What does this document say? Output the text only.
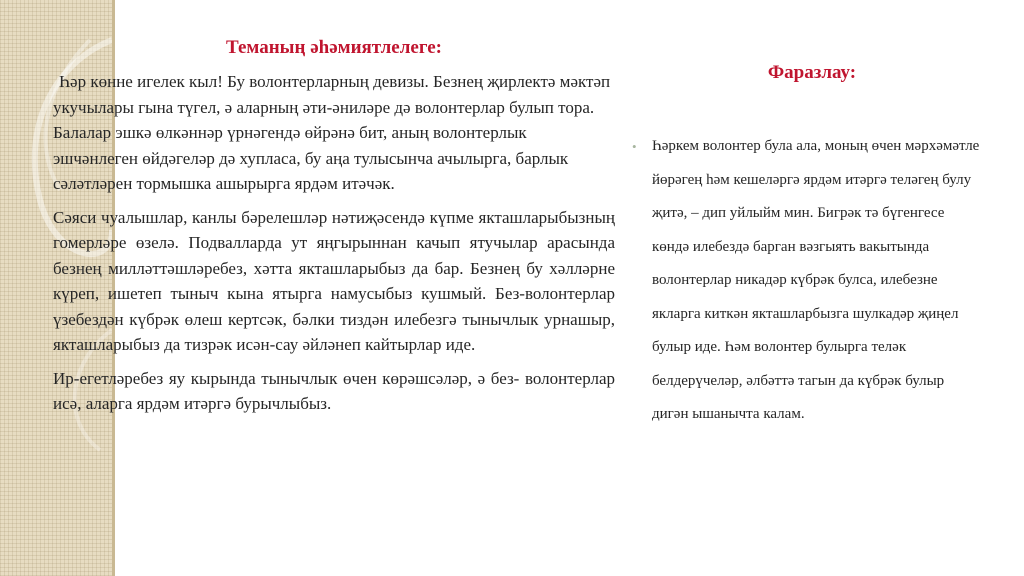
Теманың әһәмиятлелеге:

Һәр көнне игелек кыл! Бу волонтерларның девизы. Безнең җирлектә мәктәп укучылары гына түгел, ә аларның әти-әниләре дә волонтерлар булып тора. Балалар эшкә өлкәннәр үрнәгендә өйрәнә бит, аның волонтерлык эшчәнлеген өйдәгеләр дә хупласа, бу аңа тулысынча ачылырга, барлык сәләтләрен тормышка ашырырга ярдәм итәчәк.

Сәяси чуалышлар, канлы бәрелешләр нәтиҗәсендә күпме якташларыбызның гомерләре өзелә. Подвалларда ут яңгырыннан качып ятучылар арасында безнең милләттәшләребез, хәтта якташларыбыз да бар. Безнең бу хәлләрне күреп, ишетеп тыныч кына ятырга намусыбыз кушмый. Без-волонтерлар үзебездән күбрәк өлеш кертсәк, бәлки тиздән илебезгә тынычлык урнашыр, якташларыбыз да тизрәк исән-сау әйләнеп кайтырлар иде.

Ир-егетләребез яу кырында тынычлык өчен көрәшсәләр, ә без- волонтерлар исә, аларга ярдәм итәргә бурычлыбыз.

Фаразлау:
• Һәркем волонтер була ала, моның өчен мәрхәмәтле йөрәгең һәм кешеләргә ярдәм итәргә теләгең булу җитә, – дип уйлыйм мин. Бигрәк тә бүгенгесе көндә илебездә барган вәзгыять вакытында волонтерлар никадәр күбрәк булса, илебезне якларга киткән якташларбызга шулкадәр җиңел булыр иде. Һәм волонтер булырга теләк белдерүчеләр, әлбәттә тагын да күбрәк булыр дигән ышанычта калам.
